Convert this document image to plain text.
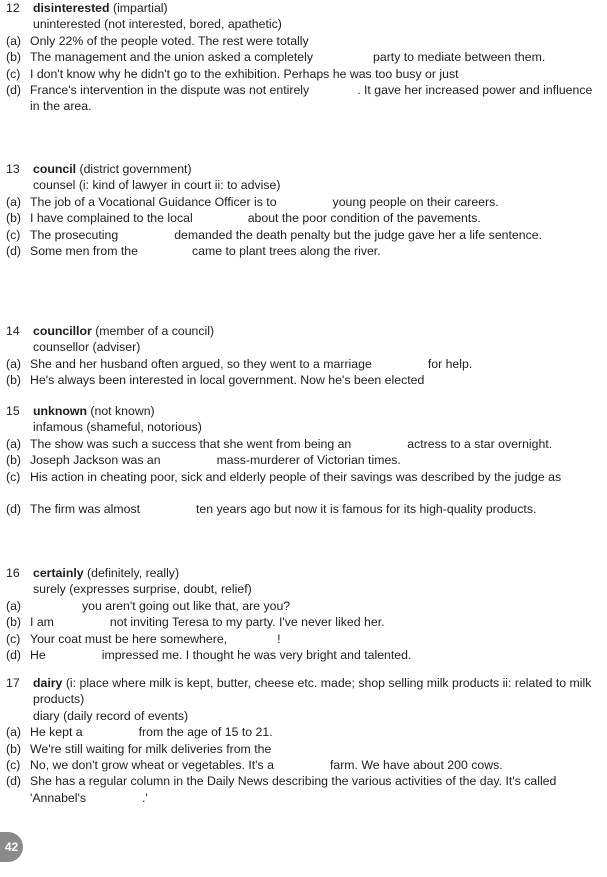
12	disinterested (impartial)
uninterested (not interested, bored, apathetic)
(a) Only 22% of the people voted. The rest were totally
(b) The management and the union asked a completely	party to mediate between them.
(c) I don't know why he didn't go to the exhibition. Perhaps he was too busy or just
(d) France's intervention in the dispute was not entirely	. It gave her increased power and influence in the area.
13	council (district government)
counsel (i: kind of lawyer in court ii: to advise)
(a) The job of a Vocational Guidance Officer is to	young people on their careers.
(b) I have complained to the local	about the poor condition of the pavements.
(c) The prosecuting	demanded the death penalty but the judge gave her a life sentence.
(d) Some men from the	came to plant trees along the river.
14	councillor (member of a council)
counsellor (adviser)
(a) She and her husband often argued, so they went to a marriage	for help.
(b) He's always been interested in local government. Now he's been elected
15	unknown (not known)
infamous (shameful, notorious)
(a) The show was such a success that she went from being an	actress to a star overnight.
(b) Joseph Jackson was an	mass-murderer of Victorian times.
(c) His action in cheating poor, sick and elderly people of their savings was described by the judge as
(d) The firm was almost	ten years ago but now it is famous for its high-quality products.
16	certainly (definitely, really)
surely (expresses surprise, doubt, relief)
(a)	you aren't going out like that, are you?
(b) I am	not inviting Teresa to my party. I've never liked her.
(c) Your coat must be here somewhere,	!
(d) He	impressed me. I thought he was very bright and talented.
17	dairy (i: place where milk is kept, butter, cheese etc. made; shop selling milk products ii: related to milk products)
diary (daily record of events)
(a) He kept a	from the age of 15 to 21.
(b) We're still waiting for milk deliveries from the
(c) No, we don't grow wheat or vegetables. It's a	farm. We have about 200 cows.
(d) She has a regular column in the Daily News describing the various activities of the day. It's called 'Annabel's	.'
42
